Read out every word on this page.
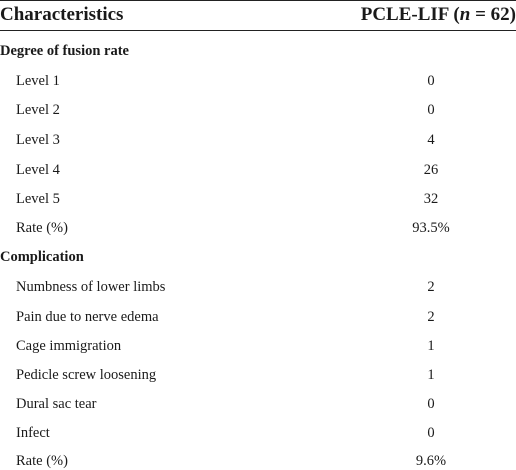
Characteristics	PCLE-LIF (n = 62)
Degree of fusion rate
Level 1	0
Level 2	0
Level 3	4
Level 4	26
Level 5	32
Rate (%)	93.5%
Complication
Numbness of lower limbs	2
Pain due to nerve edema	2
Cage immigration	1
Pedicle screw loosening	1
Dural sac tear	0
Infect	0
Rate (%)	9.6%
